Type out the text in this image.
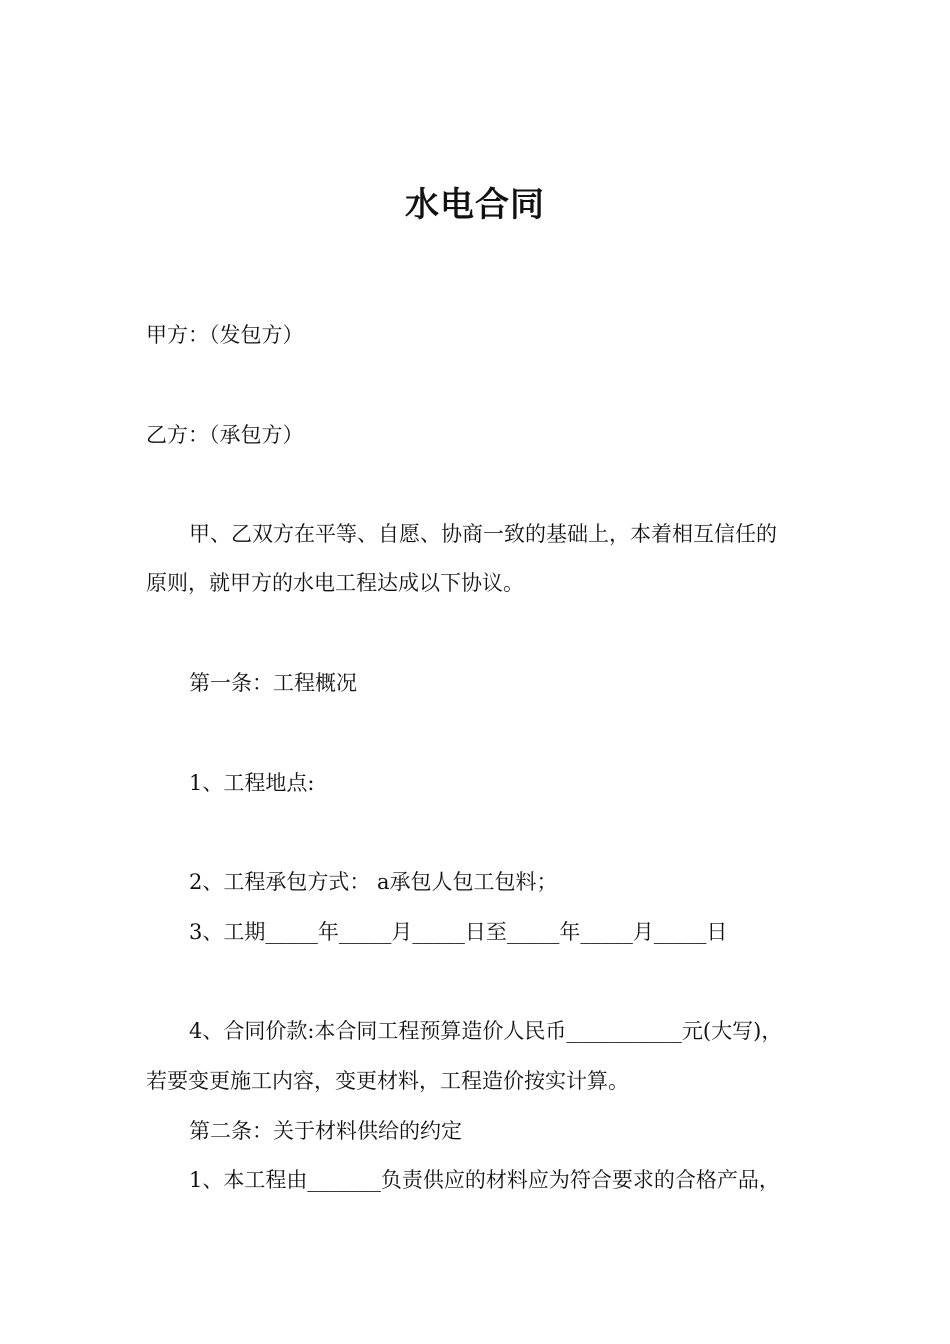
水电合同
甲方：（发包方）
乙方：（承包方）
甲、乙双方在平等、自愿、协商一致的基础上，本着相互信任的
原则，就甲方的水电工程达成以下协议。
第一条：工程概况
1、工程地点:
2、工程承包方式： a承包人包工包料；
3、工期_____年_____月_____日至_____年_____月_____日
4、合同价款:本合同工程预算造价人民币___________元(大写)，
若要变更施工内容，变更材料，工程造价按实计算。
第二条：关于材料供给的约定
1、本工程由_______负责供应的材料应为符合要求的合格产品，
